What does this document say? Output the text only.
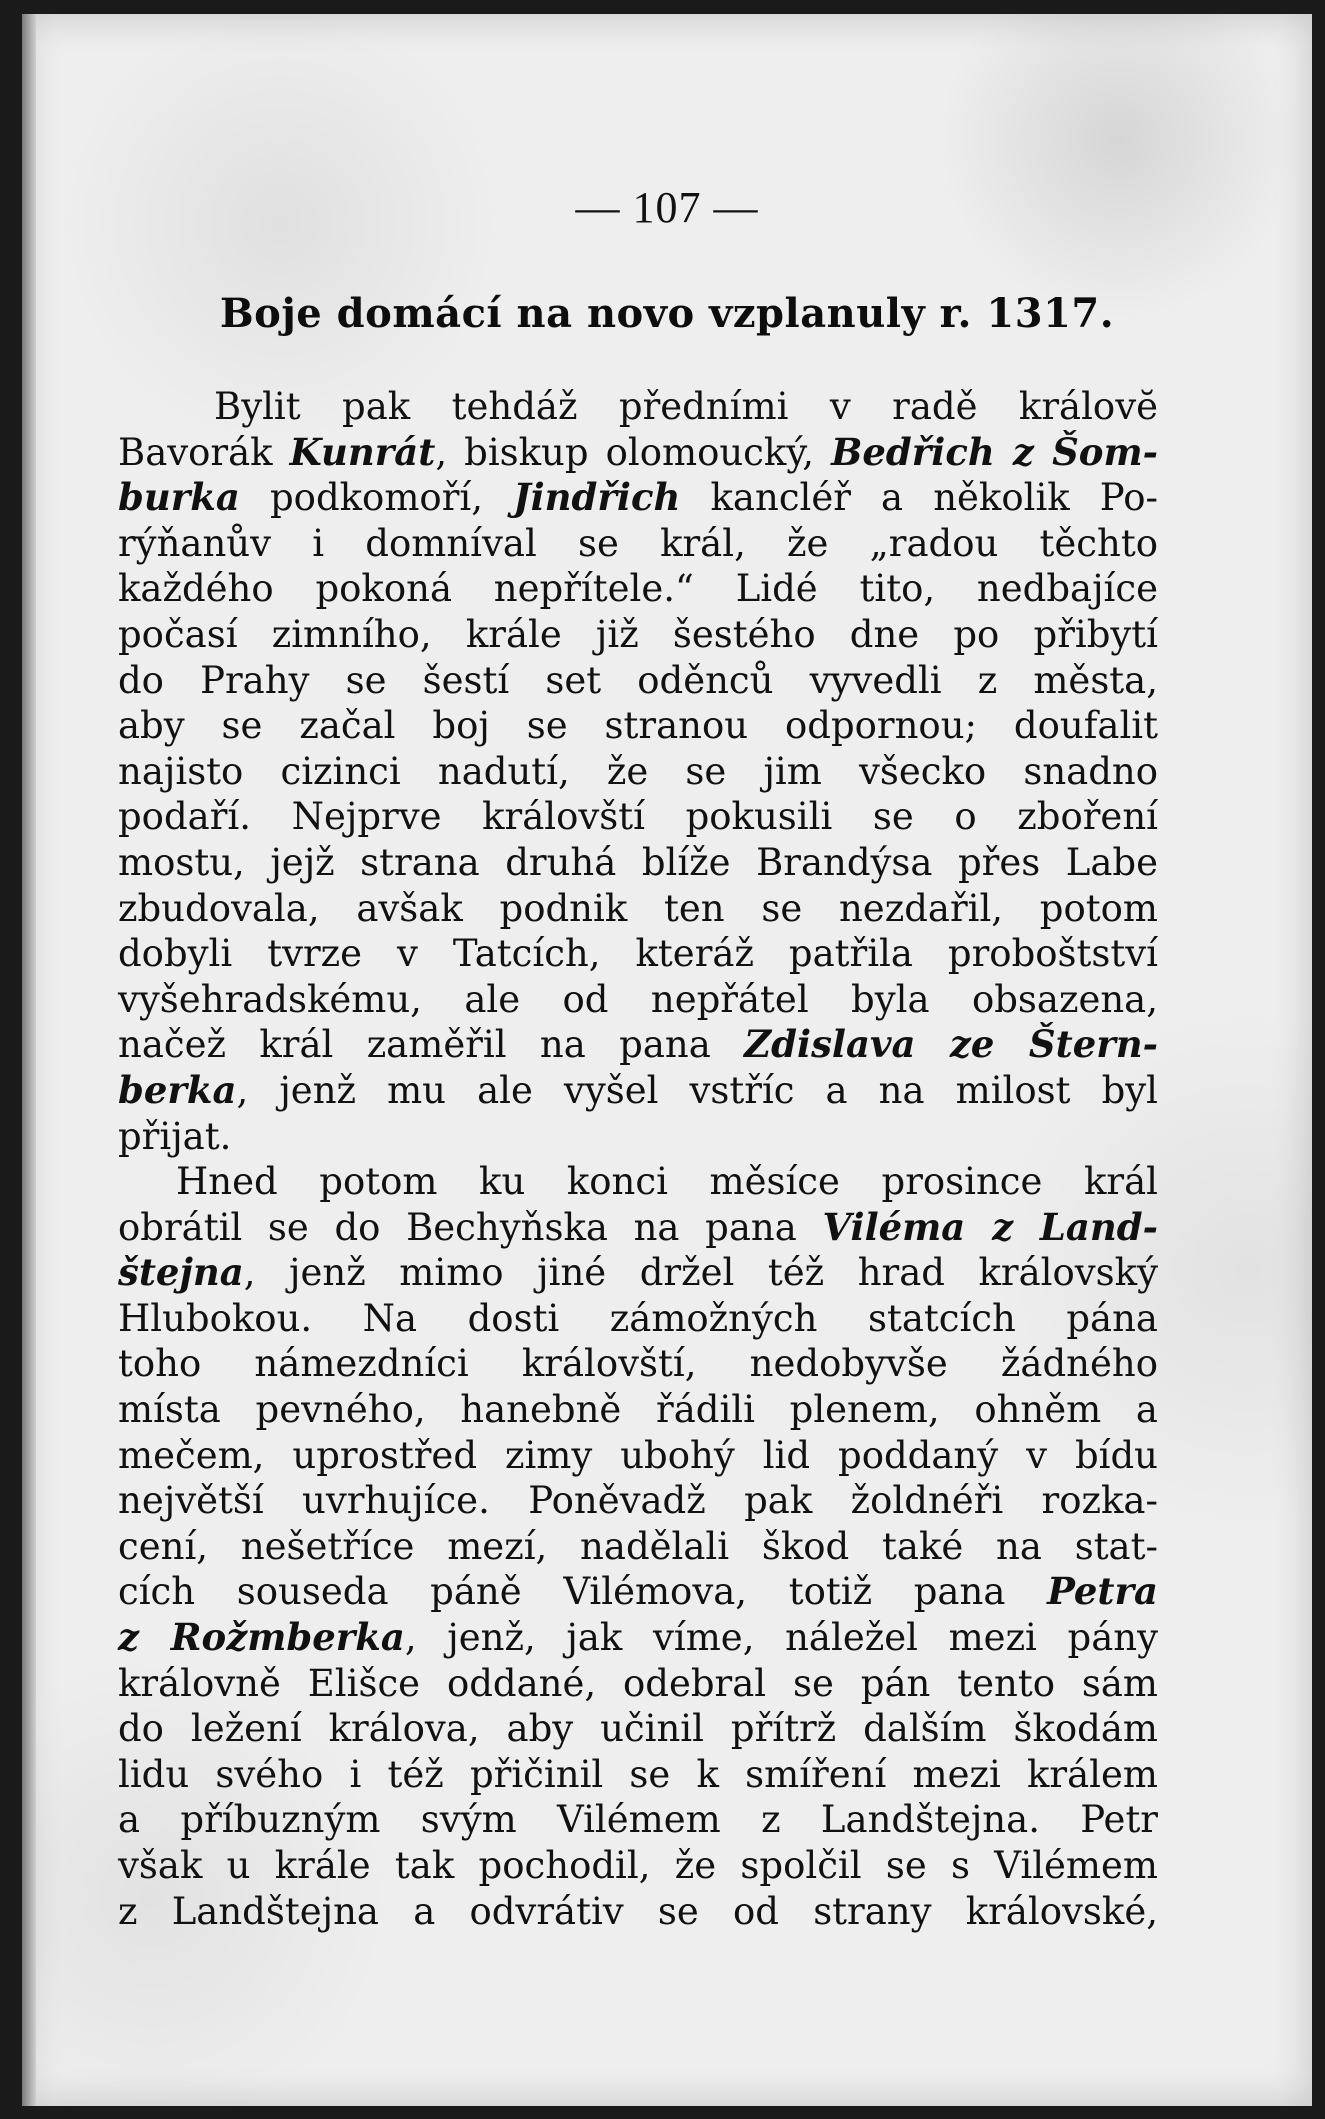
— 107 —
Boje domácí na novo vzplanuly r. 1317.
Bylit pak tehdáž předními v radě královĕ
Bavorák Kunrát, biskup olomoucký, Bedřich z Šom-
burka podkomoří, Jindřich kancléř a několik Po-
rýňanův i domníval se král, že „radou těchto
každého pokoná nepřítele.“ Lidé tito, nedbajíce
počasí zimního, krále již šestého dne po přibytí
do Prahy se šestí set oděnců vyvedli z města,
aby se začal boj se stranou odpornou; doufalit
najisto cizinci nadutí, že se jim všecko snadno
podaří. Nejprve královští pokusili se o zboření
mostu, jejž strana druhá blíže Brandýsa přes Labe
zbudovala, avšak podnik ten se nezdařil, potom
dobyli tvrze v Tatcích, kteráž patřila proboštství
vyšehradskému, ale od nepřátel byla obsazena,
načež král zaměřil na pana Zdislava ze Štern-
berka, jenž mu ale vyšel vstříc a na milost byl
přijat.
Hned potom ku konci měsíce prosince král
obrátil se do Bechyňska na pana Viléma z Land-
štejna, jenž mimo jiné držel též hrad královský
Hlubokou. Na dosti zámožných statcích pána
toho námezdníci královští, nedobyvše žádného
místa pevného, hanebně řádili plenem, ohněm a
mečem, uprostřed zimy ubohý lid poddaný v bídu
největší uvrhujíce. Poněvadž pak žoldnéři rozka-
cení, nešetříce mezí, nadělali škod také na stat-
cích souseda páně Vilémova, totiž pana Petra
z Rožmberka, jenž, jak víme, náležel mezi pány
královně Elišce oddané, odebral se pán tento sám
do ležení králova, aby učinil přítrž dalším škodám
lidu svého i též přičinil se k smíření mezi králem
a příbuzným svým Vilémem z Landštejna. Petr
však u krále tak pochodil, že spolčil se s Vilémem
z Landštejna a odvrátiv se od strany královské,
